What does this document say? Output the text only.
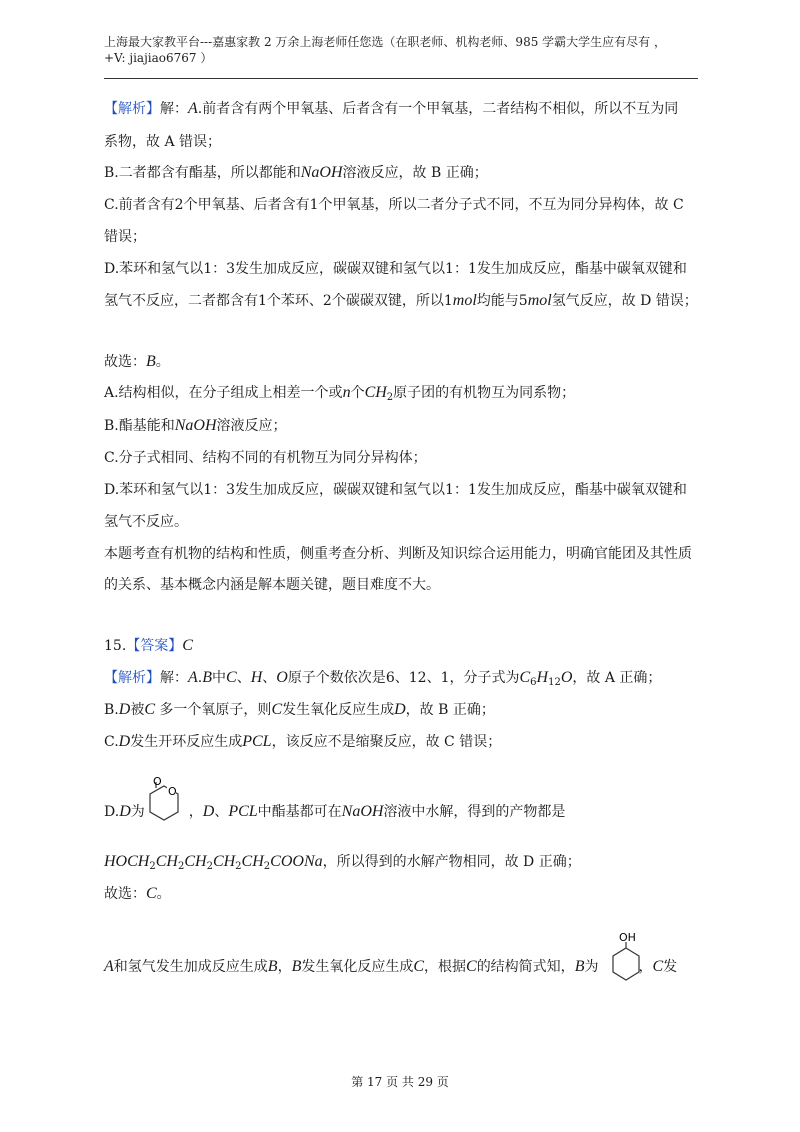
上海最大家教平台---嘉惠家教 2 万余上海老师任您选（在职老师、机构老师、985 学霸大学生应有尽有 ，
+V: jiajiao6767 ）
【解析】解：A.前者含有两个甲氧基、后者含有一个甲氧基，二者结构不相似，所以不互为同
系物，故 A 错误；
B.二者都含有酯基，所以都能和NaOH溶液反应，故 B 正确；
C.前者含有2个甲氧基、后者含有1个甲氧基，所以二者分子式不同，不互为同分异构体，故 C
错误；
D.苯环和氢气以1：3发生加成反应，碳碳双键和氢气以1：1发生加成反应，酯基中碳氧双键和
氢气不反应，二者都含有1个苯环、2个碳碳双键，所以1mol均能与5mol氢气反应，故 D 错误；
故选：B。
A.结构相似，在分子组成上相差一个或n个$CH_2$原子团的有机物互为同系物；
B.酯基能和NaOH溶液反应；
C.分子式相同、结构不同的有机物互为同分异构体；
D.苯环和氢气以1：3发生加成反应，碳碳双键和氢气以1：1发生加成反应，酯基中碳氧双键和
氢气不反应。
本题考查有机物的结构和性质，侧重考查分析、判断及知识综合运用能力，明确官能团及其性质
的关系、基本概念内涵是解本题关键，题目难度不大。
15.【答案】C
【解析】解：A.B中C、H、O原子个数依次是6、12、1，分子式为$C_6H_{12}O$，故 A 正确；
B.D被C 多一个氧原子，则C发生氧化反应生成D，故 B 正确；
C.D发生开环反应生成PCL，该反应不是缩聚反应，故 C 错误；
D.D为	，D、PCL中酯基都可在NaOH溶液中水解，得到的产物都是
O
O
$HOCH_2CH_2CH_2CH_2CH_2COONa$，所以得到的水解产物相同，故 D 正确；
故选：C。
A和氢气发生加成反应生成B，B发生氧化反应生成C，根据C的结构简式知，B为	，C发
OH
第 17 页 共 29 页
